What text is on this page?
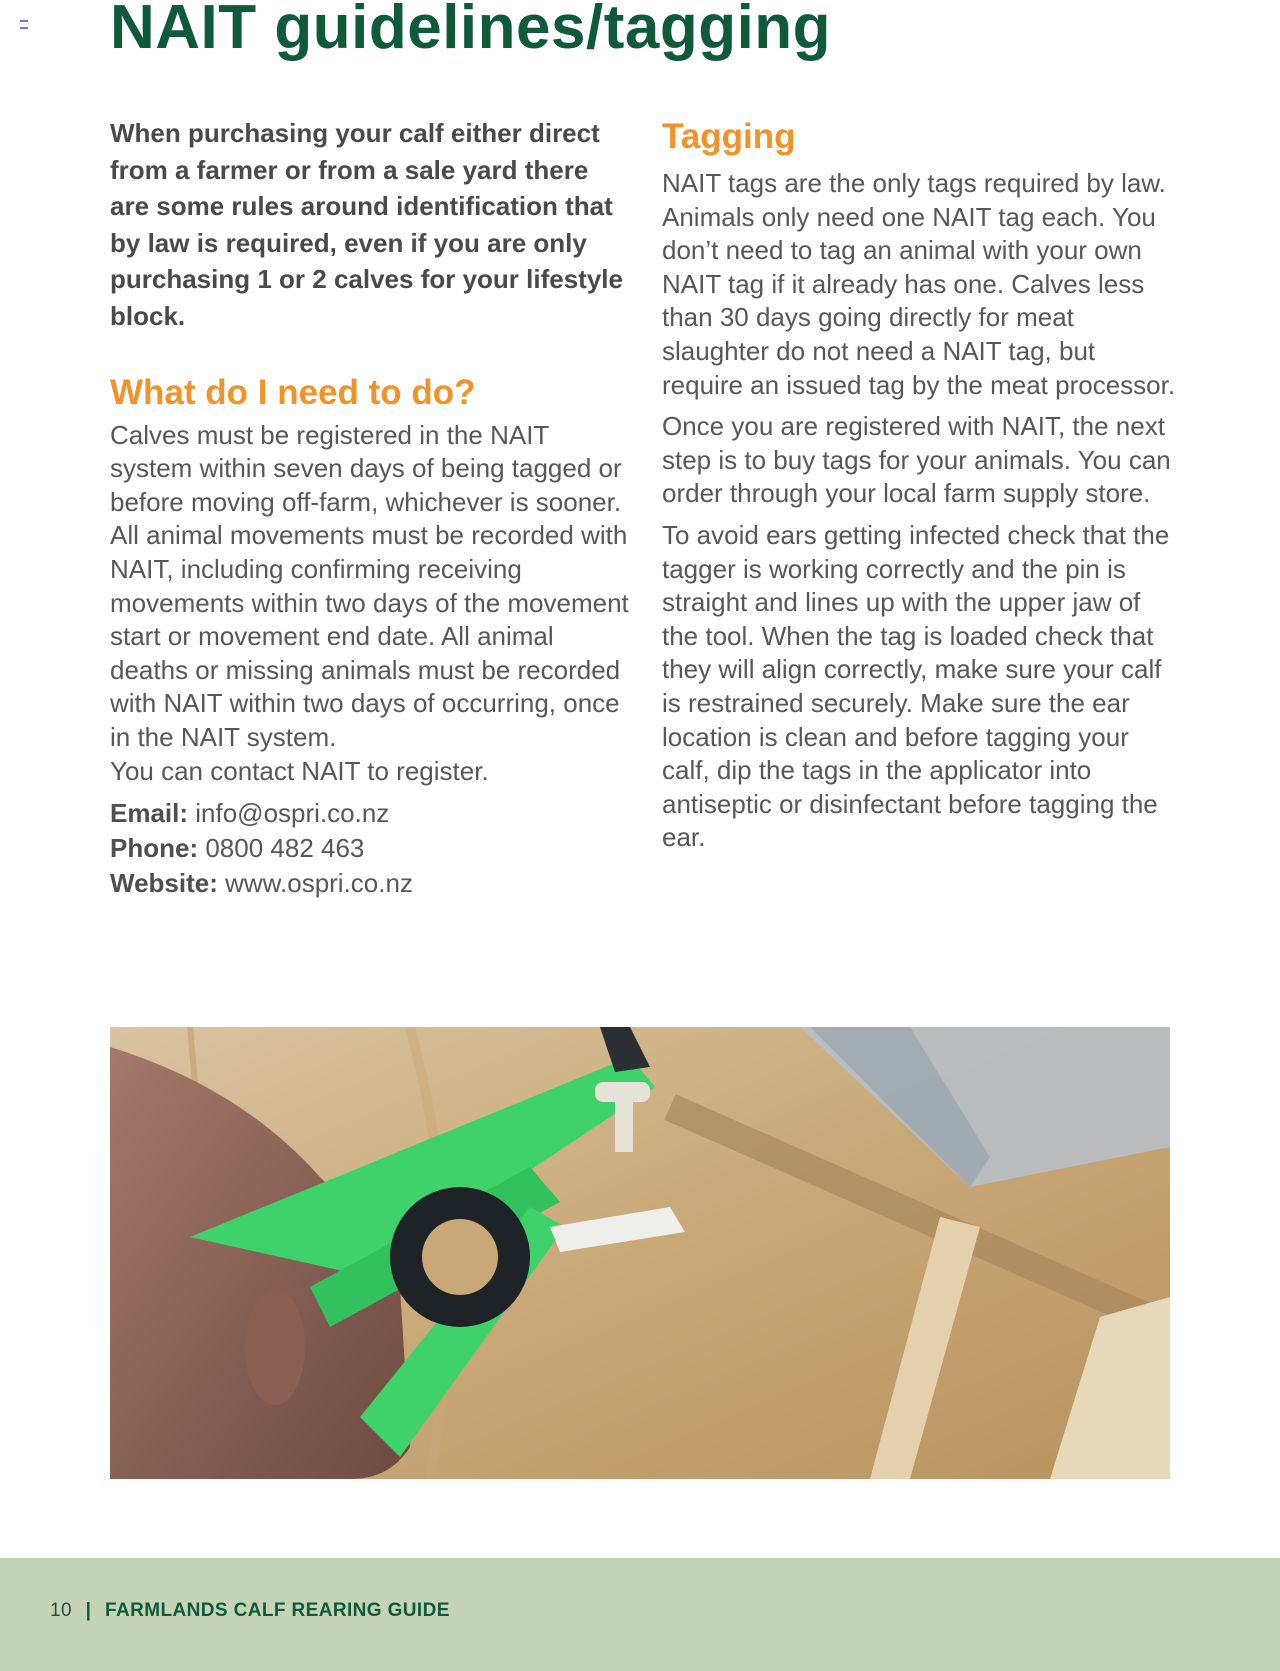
NAIT guidelines/tagging

When purchasing your calf either direct from a farmer or from a sale yard there are some rules around identification that by law is required, even if you are only purchasing 1 or 2 calves for your lifestyle block.

What do I need to do?

Calves must be registered in the NAIT system within seven days of being tagged or before moving off-farm, whichever is sooner. All animal movements must be recorded with NAIT, including confirming receiving movements within two days of the movement start or movement end date. All animal deaths or missing animals must be recorded with NAIT within two days of occurring, once in the NAIT system.
You can contact NAIT to register.

Email: info@ospri.co.nz
Phone: 0800 482 463
Website: www.ospri.co.nz
Tagging

NAIT tags are the only tags required by law. Animals only need one NAIT tag each. You don’t need to tag an animal with your own NAIT tag if it already has one. Calves less than 30 days going directly for meat slaughter do not need a NAIT tag, but require an issued tag by the meat processor.

Once you are registered with NAIT, the next step is to buy tags for your animals. You can order through your local farm supply store.

To avoid ears getting infected check that the tagger is working correctly and the pin is straight and lines up with the upper jaw of the tool. When the tag is loaded check that they will align correctly, make sure your calf is restrained securely. Make sure the ear location is clean and before tagging your calf, dip the tags in the applicator into antiseptic or disinfectant before tagging the ear.

10 | FARMLANDS CALF REARING GUIDE
